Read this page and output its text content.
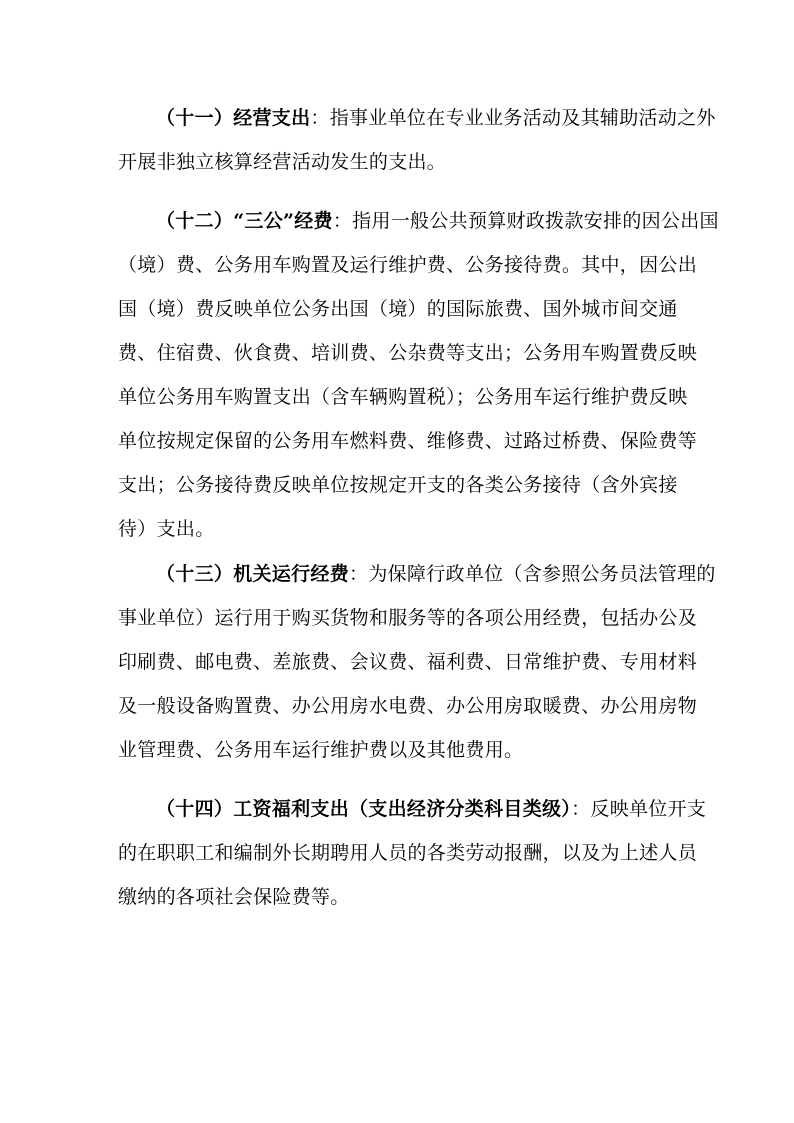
（十一）经营支出：指事业单位在专业业务活动及其辅助活动之外
开展非独立核算经营活动发生的支出。
（十二）“三公”经费：指用一般公共预算财政拨款安排的因公出国
（境）费、公务用车购置及运行维护费、公务接待费。其中，因公出
国（境）费反映单位公务出国（境）的国际旅费、国外城市间交通
费、住宿费、伙食费、培训费、公杂费等支出；公务用车购置费反映
单位公务用车购置支出（含车辆购置税）；公务用车运行维护费反映
单位按规定保留的公务用车燃料费、维修费、过路过桥费、保险费等
支出；公务接待费反映单位按规定开支的各类公务接待（含外宾接
待）支出。
（十三）机关运行经费：为保障行政单位（含参照公务员法管理的
事业单位）运行用于购买货物和服务等的各项公用经费，包括办公及
印刷费、邮电费、差旅费、会议费、福利费、日常维护费、专用材料
及一般设备购置费、办公用房水电费、办公用房取暖费、办公用房物
业管理费、公务用车运行维护费以及其他费用。
（十四）工资福利支出（支出经济分类科目类级）：反映单位开支
的在职职工和编制外长期聘用人员的各类劳动报酬，以及为上述人员
缴纳的各项社会保险费等。
